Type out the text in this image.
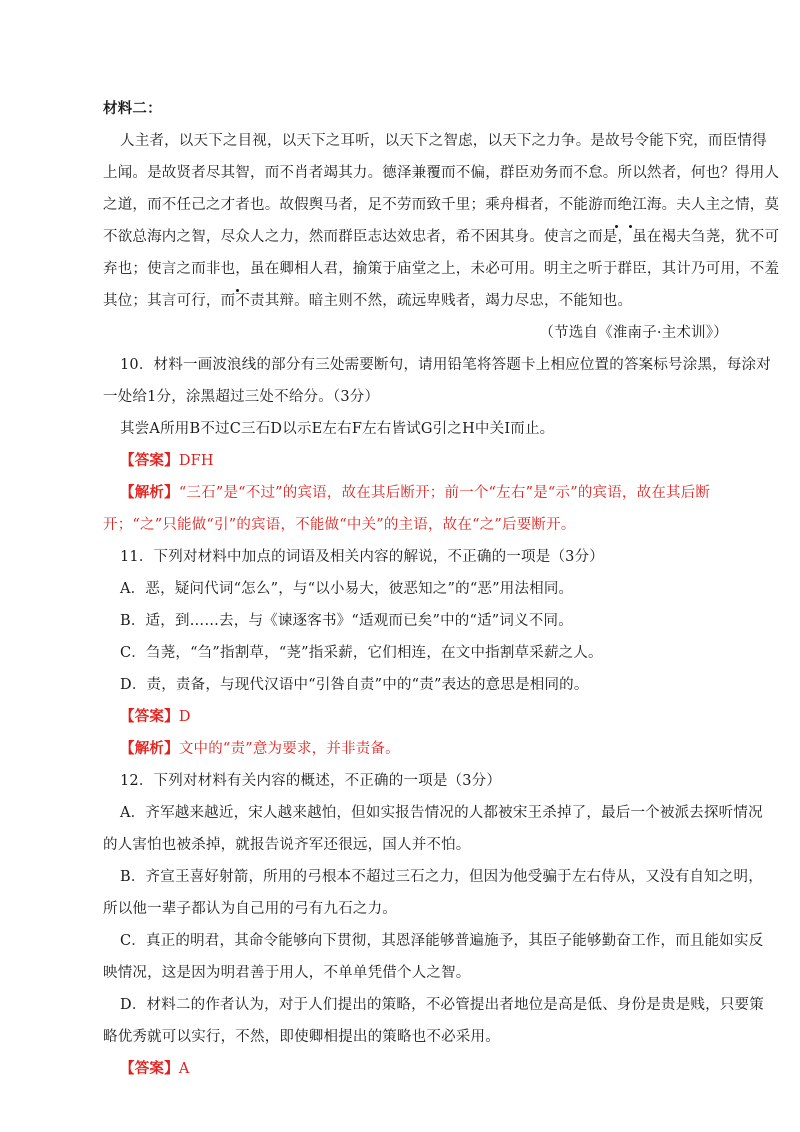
材料二：
人主者，以天下之目视，以天下之耳听，以天下之智虑，以天下之力争。是故号令能下究，而臣情得
上闻。是故贤者尽其智，而不肖者竭其力。德泽兼覆而不偏，群臣劝务而不怠。所以然者，何也？得用人
之道，而不任己之才者也。故假舆马者，足不劳而致千里；乘舟楫者，不能游而绝江海。夫人主之情，莫
不欲总海内之智，尽众人之力，然而群臣志达效忠者，希不困其身。使言之而是，虽在褐夫刍荛，犹不可
弃也；使言之而非也，虽在卿相人君，揄策于庙堂之上，未必可用。明主之听于群臣，其计乃可用，不羞
其位；其言可行，而不责其辩。暗主则不然，疏远卑贱者，竭力尽忠，不能知也。
（节选自《淮南子·主术训》）
10．材料一画波浪线的部分有三处需要断句，请用铅笔将答题卡上相应位置的答案标号涂黑，每涂对
一处给1分，涂黑超过三处不给分。（3分）
其尝A所用B不过C三石D以示E左右F左右皆试G引之H中关I而止。
【答案】DFH
【解析】“三石”是“不过”的宾语，故在其后断开；前一个“左右”是“示”的宾语，故在其后断
开；“之”只能做“引”的宾语，不能做“中关”的主语，故在“之”后要断开。
11．下列对材料中加点的词语及相关内容的解说，不正确的一项是（3分）
A．恶，疑问代词“怎么”，与“以小易大，彼恶知之”的“恶”用法相同。
B．适，到……去，与《谏逐客书》“适观而已矣”中的“适”词义不同。
C．刍荛，“刍”指割草，“荛”指采薪，它们相连，在文中指割草采薪之人。
D．责，责备，与现代汉语中“引咎自责”中的“责”表达的意思是相同的。
【答案】D
【解析】文中的“责”意为要求，并非责备。
12．下列对材料有关内容的概述，不正确的一项是（3分）
A．齐军越来越近，宋人越来越怕，但如实报告情况的人都被宋王杀掉了，最后一个被派去探听情况
的人害怕也被杀掉，就报告说齐军还很远，国人并不怕。
B．齐宣王喜好射箭，所用的弓根本不超过三石之力，但因为他受骗于左右侍从，又没有自知之明，
所以他一辈子都认为自己用的弓有九石之力。
C．真正的明君，其命令能够向下贯彻，其恩泽能够普遍施予，其臣子能够勤奋工作，而且能如实反
映情况，这是因为明君善于用人，不单单凭借个人之智。
D．材料二的作者认为，对于人们提出的策略，不必管提出者地位是高是低、身份是贵是贱，只要策
略优秀就可以实行，不然，即使卿相提出的策略也不必采用。
【答案】A
